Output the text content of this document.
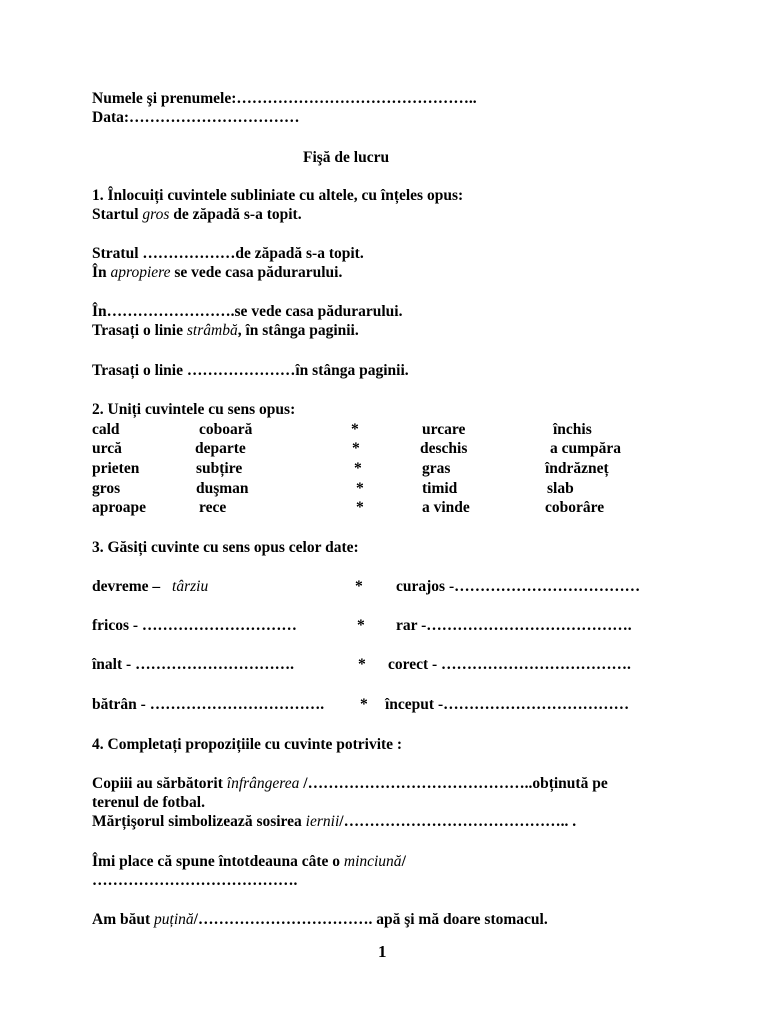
Numele şi prenumele:………………………………………..
Data:……………………………
Fişă de lucru
1. Înlocuiți cuvintele subliniate cu altele, cu înțeles opus:
Startul gros de zăpadă s-a topit.
Stratul ………………de zăpadă s-a topit.
În apropiere se vede casa pădurarului.
În…………………….se vede casa pădurarului.
Trasați o linie strâmbă, în stânga paginii.
Trasați o linie …………………în stânga paginii.
2. Uniți cuvintele cu sens opus:
cald	coboară	*	urcare	închis
urcă	departe	*	deschis	a cumpăra
prieten	subțire	*	gras	îndrăzneț
gros	duşman	*	timid	slab
aproape	rece	*	a vinde	coborâre
3. Găsiți cuvinte cu sens opus celor date:
devreme – târziu	* curajos -………………………………
fricos - …………………………	* rar -………………………………….
înalt - ………………………….	* corect - ……………………………….
bătrân - ……………………………. * început -………………………………
4. Completați propozițiile cu cuvinte potrivite :
Copiii au sărbătorit înfrângerea /……………………………………..obținută pe
terenul de fotbal.
Mărțişorul simbolizează sosirea iernii/…………………………………….. .
Îmi place că spune întotdeauna câte o minciună/
………………………………….
Am băut puțină/……………………………. apă şi mă doare stomacul.
1
